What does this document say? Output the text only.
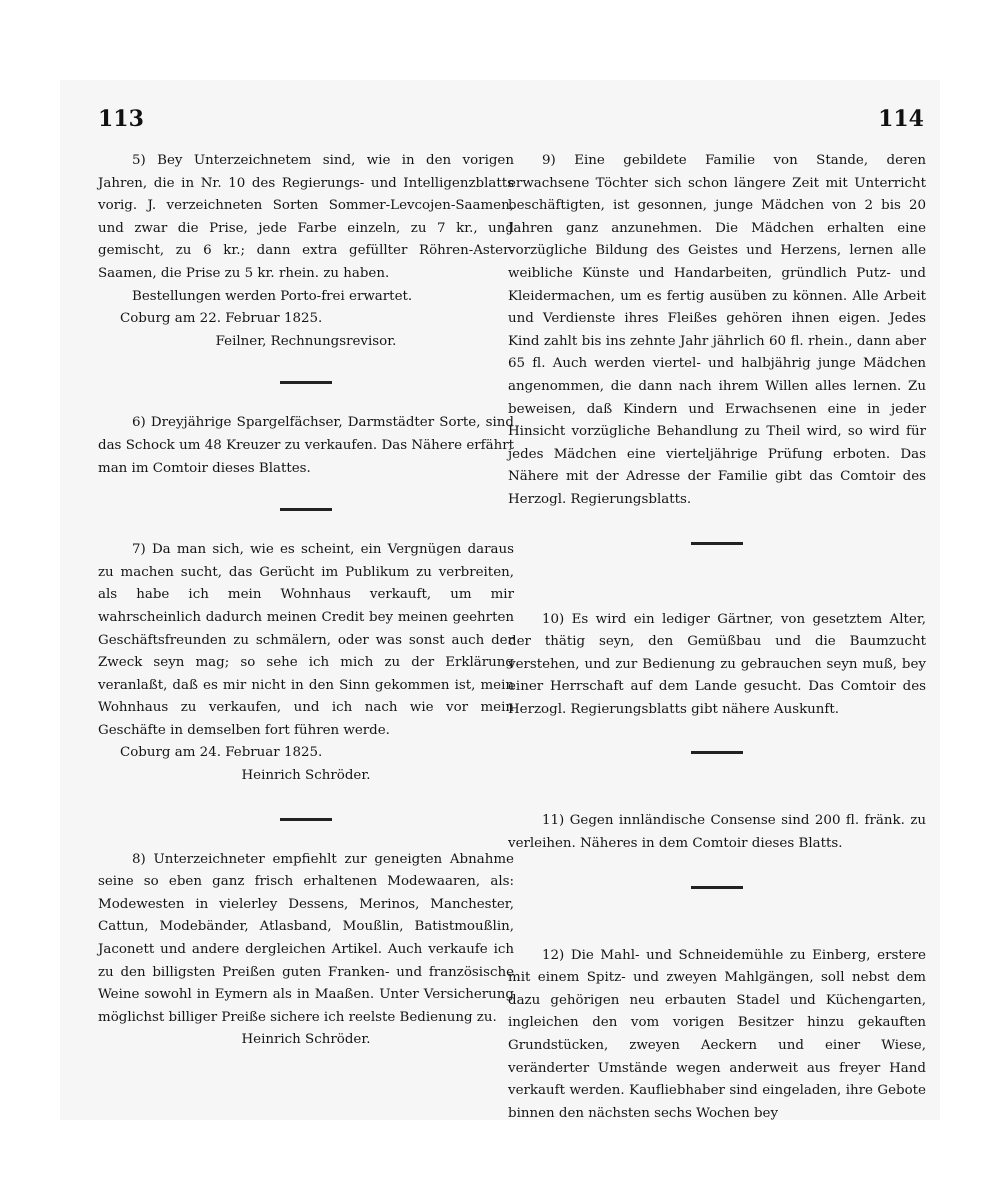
113	114

5) Bey Unterzeichnetem sind, wie in den vorigen Jahren, die in Nr. 10 des Regierungs- und Intelligenzblatts vorig. J. verzeichneten Sorten Sommer-Levcojen-Saamen, und zwar die Prise, jede Farbe einzeln, zu 7 kr., und gemischt, zu 6 kr.; dann extra gefüllter Röhren-Aster-Saamen, die Prise zu 5 kr. rhein. zu haben.

Bestellungen werden Porto-frei erwartet.

Coburg am 22. Februar 1825.

Feilner, Rechnungsrevisor.

6) Dreyjährige Spargelfächser, Darmstädter Sorte, sind das Schock um 48 Kreuzer zu verkaufen. Das Nähere erfährt man im Comtoir dieses Blattes.

7) Da man sich, wie es scheint, ein Vergnügen daraus zu machen sucht, das Gerücht im Publikum zu verbreiten, als habe ich mein Wohnhaus verkauft, um mir wahrscheinlich dadurch meinen Credit bey meinen geehrten Geschäftsfreunden zu schmälern, oder was sonst auch der Zweck seyn mag; so sehe ich mich zu der Erklärung veranlaßt, daß es mir nicht in den Sinn gekommen ist, mein Wohnhaus zu verkaufen, und ich nach wie vor mein Geschäfte in demselben fort führen werde.

Coburg am 24. Februar 1825.

Heinrich Schröder.

8) Unterzeichneter empfiehlt zur geneigten Abnahme seine so eben ganz frisch erhaltenen Modewaaren, als: Modewesten in vielerley Dessens, Merinos, Manchester, Cattun, Modebänder, Atlasband, Moußlin, Batistmoußlin, Jaconett und andere dergleichen Artikel. Auch verkaufe ich zu den billigsten Preißen guten Franken- und französische Weine sowohl in Eymern als in Maaßen. Unter Versicherung möglichst billiger Preiße sichere ich reelste Bedienung zu.

Heinrich Schröder.

9) Eine gebildete Familie von Stande, deren erwachsene Töchter sich schon längere Zeit mit Unterricht beschäftigten, ist gesonnen, junge Mädchen von 2 bis 20 Jahren ganz anzunehmen. Die Mädchen erhalten eine vorzügliche Bildung des Geistes und Herzens, lernen alle weibliche Künste und Handarbeiten, gründlich Putz- und Kleidermachen, um es fertig ausüben zu können. Alle Arbeit und Verdienste ihres Fleißes gehören ihnen eigen. Jedes Kind zahlt bis ins zehnte Jahr jährlich 60 fl. rhein., dann aber 65 fl. Auch werden viertel- und halbjährig junge Mädchen angenommen, die dann nach ihrem Willen alles lernen. Zu beweisen, daß Kindern und Erwachsenen eine in jeder Hinsicht vorzügliche Behandlung zu Theil wird, so wird für jedes Mädchen eine vierteljährige Prüfung erboten. Das Nähere mit der Adresse der Familie gibt das Comtoir des Herzogl. Regierungsblatts.

10) Es wird ein lediger Gärtner, von gesetztem Alter, der thätig seyn, den Gemüßbau und die Baumzucht verstehen, und zur Bedienung zu gebrauchen seyn muß, bey einer Herrschaft auf dem Lande gesucht. Das Comtoir des Herzogl. Regierungsblatts gibt nähere Auskunft.

11) Gegen innländische Consense sind 200 fl. fränk. zu verleihen. Näheres in dem Comtoir dieses Blatts.

12) Die Mahl- und Schneidemühle zu Einberg, erstere mit einem Spitz- und zweyen Mahlgängen, soll nebst dem dazu gehörigen neu erbauten Stadel und Küchengarten, ingleichen den vom vorigen Besitzer hinzu gekauften Grundstücken, zweyen Aeckern und einer Wiese, veränderter Umstände wegen anderweit aus freyer Hand verkauft werden. Kaufliebhaber sind eingeladen, ihre Gebote binnen den nächsten sechs Wochen bey
